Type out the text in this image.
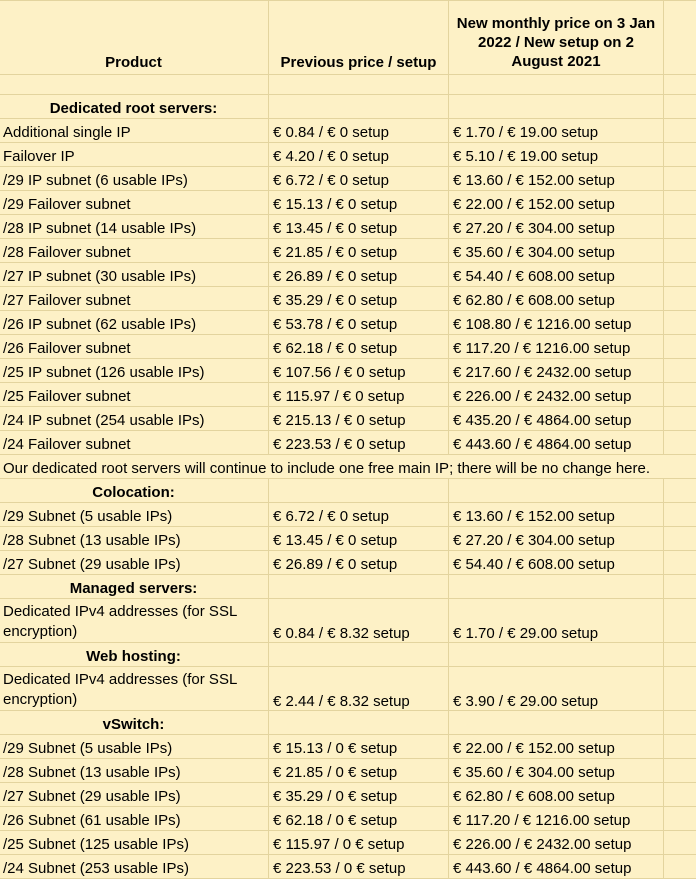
Product	Previous price / setup	New monthly price on 3 Jan 2022 / New setup on 2 August 2021	

Dedicated root servers:			
Additional single IP	€ 0.84 / € 0 setup	€ 1.70 / € 19.00 setup	
Failover IP	€ 4.20 / € 0 setup	€ 5.10 / € 19.00 setup	
/29 IP subnet (6 usable IPs)	€ 6.72 / € 0 setup	€ 13.60 / € 152.00 setup	
/29 Failover subnet	€ 15.13 / € 0 setup	€ 22.00 / € 152.00 setup	
/28 IP subnet (14 usable IPs)	€ 13.45 / € 0 setup	€ 27.20 / € 304.00 setup	
/28 Failover subnet	€ 21.85 / € 0 setup	€ 35.60 / € 304.00 setup	
/27 IP subnet (30 usable IPs)	€ 26.89 / € 0 setup	€ 54.40 / € 608.00 setup	
/27 Failover subnet	€ 35.29 / € 0 setup	€ 62.80 / € 608.00 setup	
/26 IP subnet (62 usable IPs)	€ 53.78 / € 0 setup	€ 108.80 / € 1216.00 setup	
/26 Failover subnet	€ 62.18 / € 0 setup	€ 117.20 / € 1216.00 setup	
/25 IP subnet (126 usable IPs)	€ 107.56 / € 0 setup	€ 217.60 / € 2432.00 setup	
/25 Failover subnet	€ 115.97 / € 0 setup	€ 226.00 / € 2432.00 setup	
/24 IP subnet (254 usable IPs)	€ 215.13 / € 0 setup	€ 435.20 / € 4864.00 setup	
/24 Failover subnet	€ 223.53 / € 0 setup	€ 443.60 / € 4864.00 setup	
Our dedicated root servers will continue to include one free main IP; there will be no change here.			
Colocation:			
/29 Subnet (5 usable IPs)	€ 6.72 / € 0 setup	€ 13.60 / € 152.00 setup	
/28 Subnet (13 usable IPs)	€ 13.45 / € 0 setup	€ 27.20 / € 304.00 setup	
/27 Subnet (29 usable IPs)	€ 26.89 / € 0 setup	€ 54.40 / € 608.00 setup	
Managed servers:			
Dedicated IPv4 addresses (for SSL encryption)	€ 0.84 / € 8.32 setup	€ 1.70 / € 29.00 setup	
Web hosting:			
Dedicated IPv4 addresses (for SSL encryption)	€ 2.44 / € 8.32 setup	€ 3.90 / € 29.00 setup	
vSwitch:			
/29 Subnet (5 usable IPs)	€ 15.13 / 0 € setup	€ 22.00 / € 152.00 setup	
/28 Subnet (13 usable IPs)	€ 21.85 / 0 € setup	€ 35.60 / € 304.00 setup	
/27 Subnet (29 usable IPs)	€ 35.29 / 0 € setup	€ 62.80 / € 608.00 setup	
/26 Subnet (61 usable IPs)	€ 62.18 / 0 € setup	€ 117.20 / € 1216.00 setup	
/25 Subnet (125 usable IPs)	€ 115.97 / 0 € setup	€ 226.00 / € 2432.00 setup	
/24 Subnet (253 usable IPs)	€ 223.53 / 0 € setup	€ 443.60 / € 4864.00 setup	
